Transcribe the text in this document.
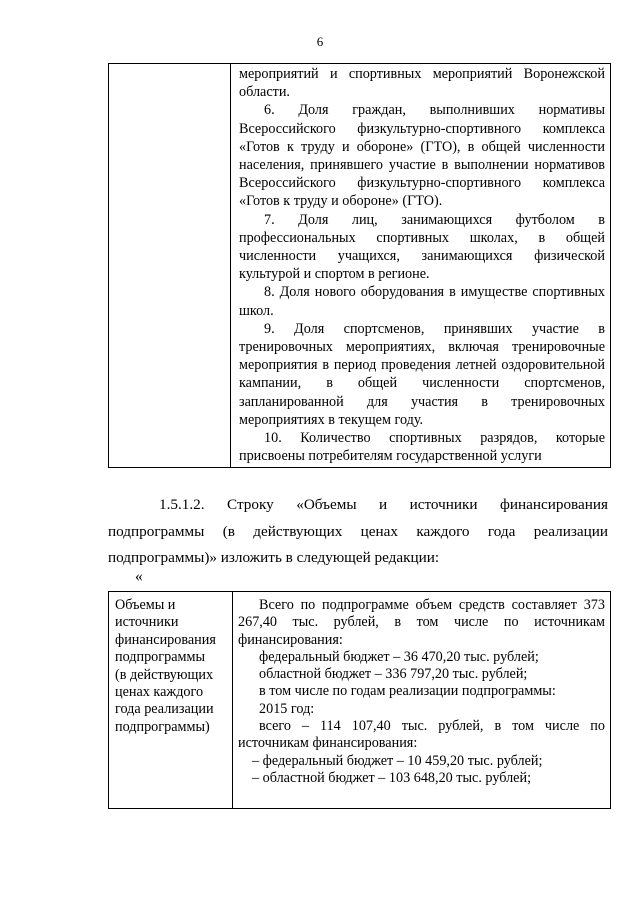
6

мероприятий и спортивных мероприятий Воронежской области.
6. Доля граждан, выполнивших нормативы Всероссийского физкультурно-спортивного комплекса «Готов к труду и обороне» (ГТО), в общей численности населения, принявшего участие в выполнении нормативов Всероссийского физкультурно-спортивного комплекса «Готов к труду и обороне» (ГТО).
7. Доля лиц, занимающихся футболом в профессиональных спортивных школах, в общей численности учащихся, занимающихся физической культурой и спортом в регионе.
8. Доля нового оборудования в имуществе спортивных школ.
9. Доля спортсменов, принявших участие в тренировочных мероприятиях, включая тренировочные мероприятия в период проведения летней оздоровительной кампании, в общей численности спортсменов, запланированной для участия в тренировочных мероприятиях в текущем году.
10. Количество спортивных разрядов, которые присвоены потребителям государственной услуги
1.5.1.2. Строку «Объемы и источники финансирования
подпрограммы (в действующих ценах каждого года реализации
подпрограммы)» изложить в следующей редакции:
«
Объемы и
источники
финансирования
подпрограммы
(в действующих
ценах каждого
года реализации
подпрограммы)

Всего по подпрограмме объем средств составляет 373 267,40 тыс. рублей, в том числе по источникам финансирования:
федеральный бюджет – 36 470,20 тыс. рублей;
областной бюджет – 336 797,20 тыс. рублей;
в том числе по годам реализации подпрограммы:
2015 год:
всего – 114 107,40 тыс. рублей, в том числе по источникам финансирования:
– федеральный бюджет – 10 459,20 тыс. рублей;
– областной бюджет – 103 648,20 тыс. рублей;
